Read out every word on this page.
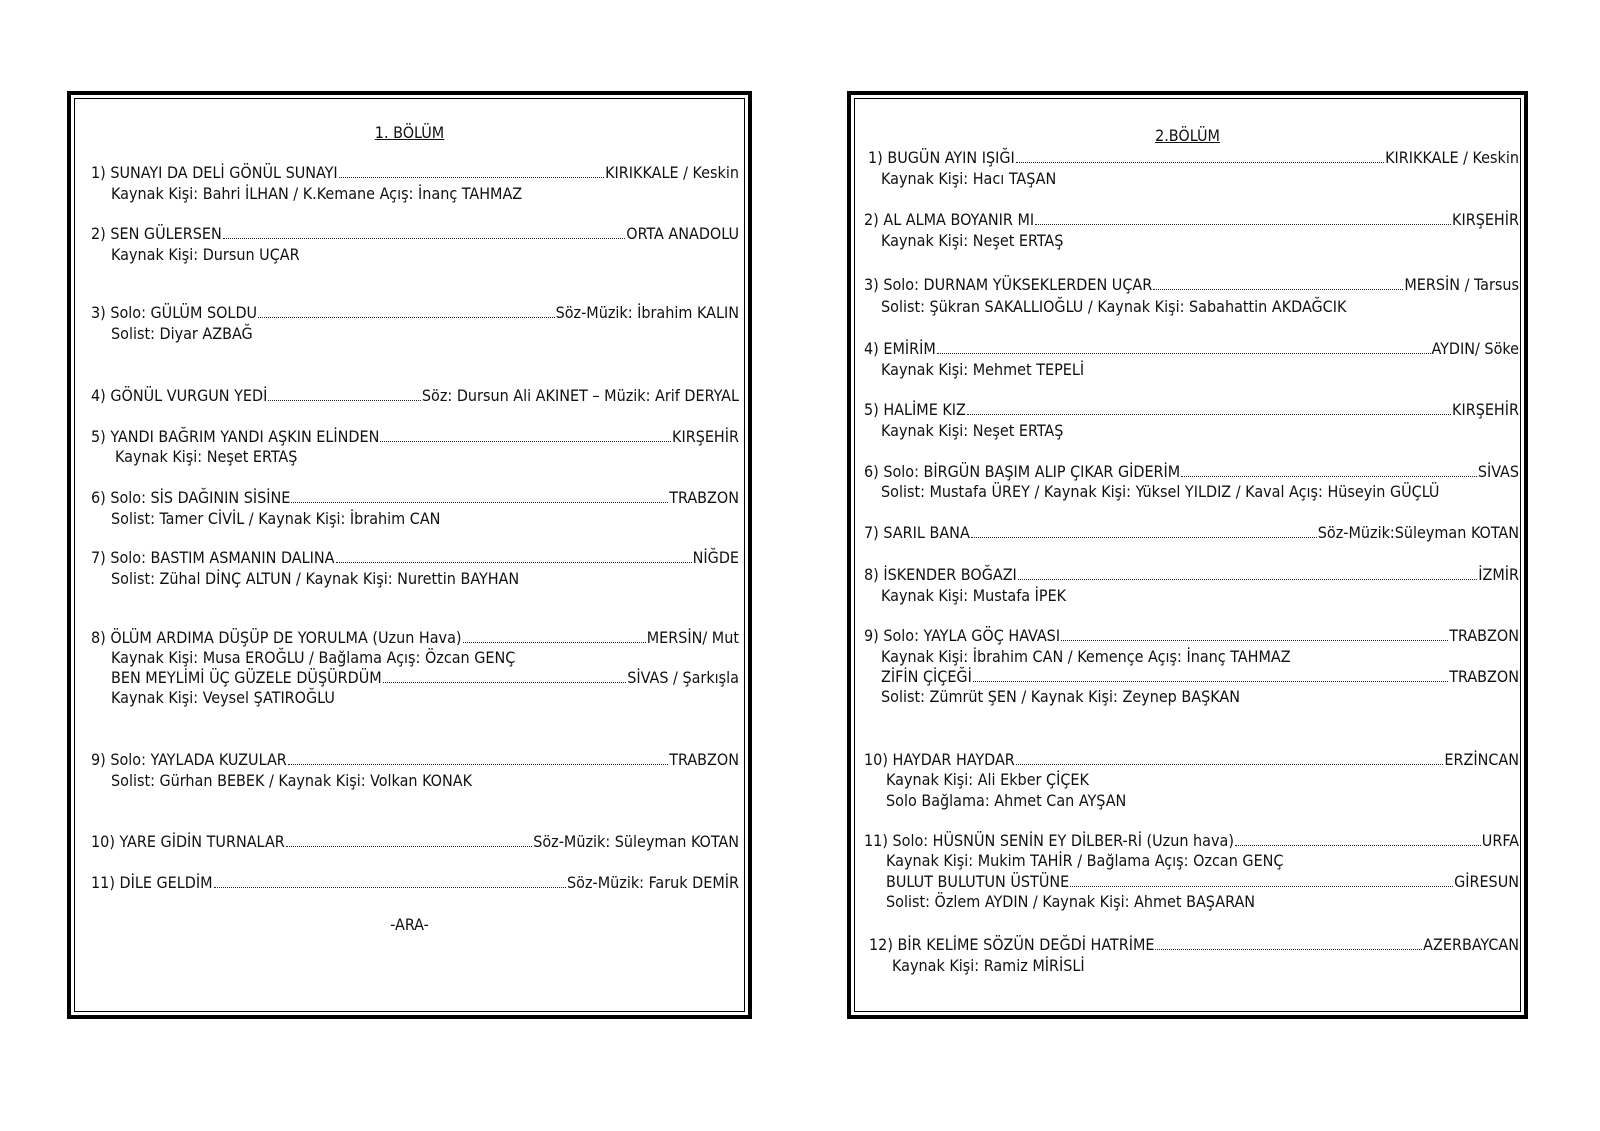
1. BÖLÜM
1) SUNAYI DA DELİ GÖNÜL SUNAYI	KIRIKKALE / Keskin
Kaynak Kişi: Bahri İLHAN / K.Kemane Açış: İnanç TAHMAZ
2) SEN GÜLERSEN	ORTA ANADOLU
Kaynak Kişi: Dursun UÇAR
3) Solo: GÜLÜM SOLDU	Söz-Müzik: İbrahim KALIN
Solist: Diyar AZBAĞ
4) GÖNÜL VURGUN YEDİ	Söz: Dursun Ali AKINET – Müzik: Arif DERYAL
5) YANDI BAĞRIM YANDI AŞKIN ELİNDEN	KIRŞEHİR
Kaynak Kişi: Neşet ERTAŞ
6) Solo: SİS DAĞININ SİSİNE	TRABZON
Solist: Tamer CİVİL / Kaynak Kişi: İbrahim CAN
7) Solo: BASTIM ASMANIN DALINA	NİĞDE
Solist: Zühal DİNÇ ALTUN / Kaynak Kişi: Nurettin BAYHAN
8) ÖLÜM ARDIMA DÜŞÜP DE YORULMA (Uzun Hava)	MERSİN/ Mut
Kaynak Kişi: Musa EROĞLU / Bağlama Açış: Özcan GENÇ
BEN MEYLİMİ ÜÇ GÜZELE DÜŞÜRDÜM	SİVAS / Şarkışla
Kaynak Kişi: Veysel ŞATIROĞLU
9) Solo: YAYLADA KUZULAR	TRABZON
Solist: Gürhan BEBEK / Kaynak Kişi: Volkan KONAK
10) YARE GİDİN TURNALAR	Söz-Müzik: Süleyman KOTAN
11) DİLE GELDİM	Söz-Müzik: Faruk DEMİR
-ARA-
2.BÖLÜM
1) BUGÜN AYIN IŞIĞI	KIRIKKALE / Keskin
Kaynak Kişi: Hacı TAŞAN
2) AL ALMA BOYANIR MI	KIRŞEHİR
Kaynak Kişi: Neşet ERTAŞ
3) Solo: DURNAM YÜKSEKLERDEN UÇAR	MERSİN / Tarsus
Solist: Şükran SAKALLIOĞLU / Kaynak Kişi: Sabahattin AKDAĞCIK
4) EMİRİM	AYDIN/ Söke
Kaynak Kişi: Mehmet TEPELİ
5) HALİME KIZ	KIRŞEHİR
Kaynak Kişi: Neşet ERTAŞ
6) Solo: BİRGÜN BAŞIM ALIP ÇIKAR GİDERİM	SİVAS
Solist: Mustafa ÜREY / Kaynak Kişi: Yüksel YILDIZ / Kaval Açış: Hüseyin GÜÇLÜ
7) SARIL BANA	Söz-Müzik:Süleyman KOTAN
8) İSKENDER BOĞAZI	İZMİR
Kaynak Kişi: Mustafa İPEK
9) Solo: YAYLA GÖÇ HAVASI	TRABZON
Kaynak Kişi: İbrahim CAN / Kemençe Açış: İnanç TAHMAZ
ZİFİN ÇİÇEĞİ	TRABZON
Solist: Zümrüt ŞEN / Kaynak Kişi: Zeynep BAŞKAN
10) HAYDAR HAYDAR	ERZİNCAN
Kaynak Kişi: Ali Ekber ÇİÇEK
Solo Bağlama: Ahmet Can AYŞAN
11) Solo: HÜSNÜN SENİN EY DİLBER-Rİ (Uzun hava)	URFA
Kaynak Kişi: Mukim TAHİR / Bağlama Açış: Ozcan GENÇ
BULUT BULUTUN ÜSTÜNE	GİRESUN
Solist: Özlem AYDIN / Kaynak Kişi: Ahmet BAŞARAN
12) BİR KELİME SÖZÜN DEĞDİ HATRİME	AZERBAYCAN
Kaynak Kişi: Ramiz MİRİSLİ
